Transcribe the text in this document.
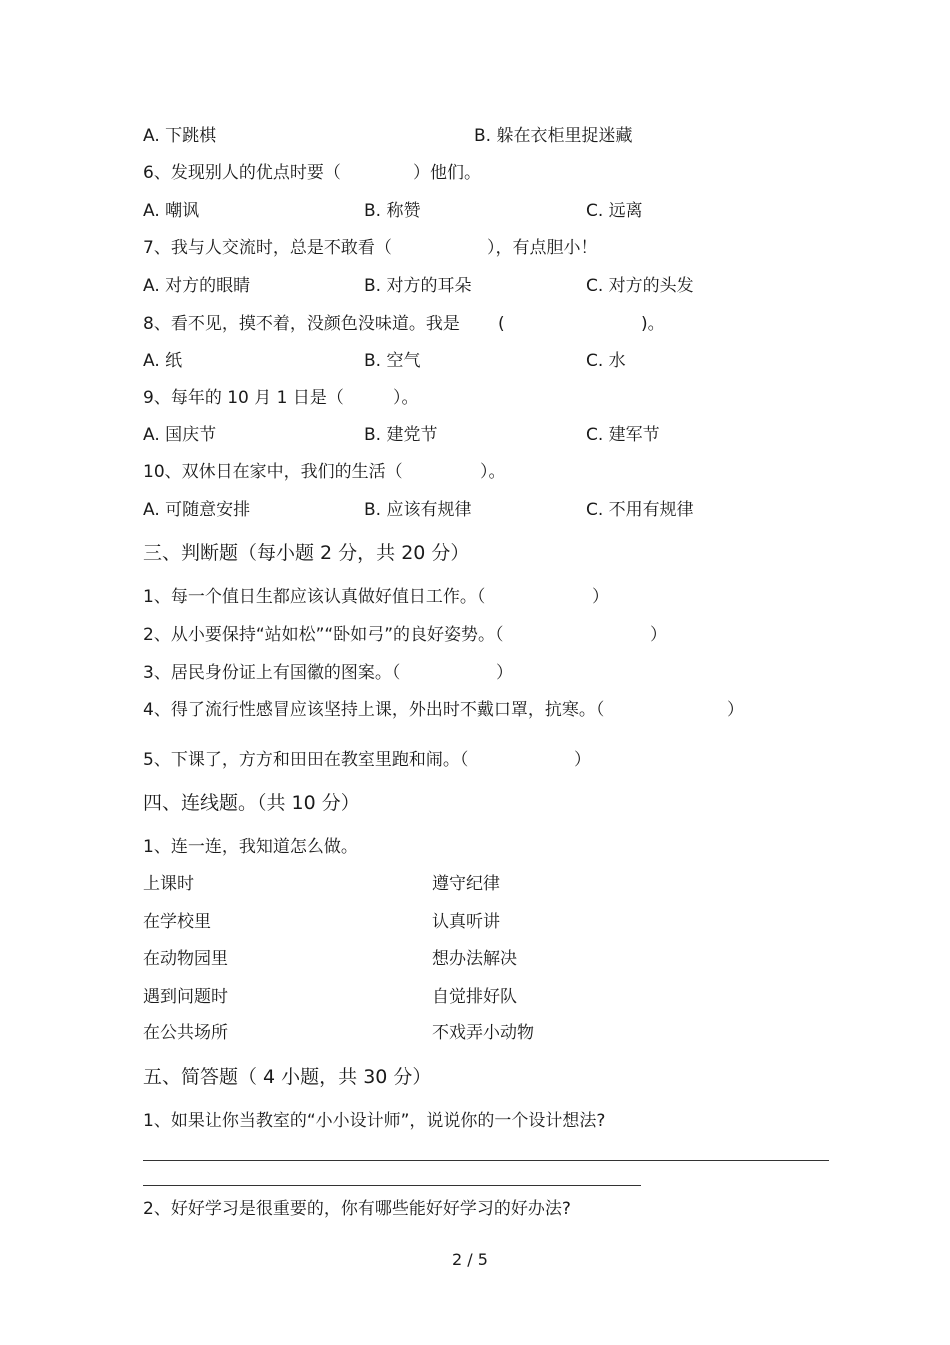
A. 下跳棋	B. 躲在衣柜里捉迷藏
6、发现别人的优点时要（	）他们。
A. 嘲讽	B. 称赞	C. 远离
7、我与人交流时，总是不敢看（	），有点胆小！
A. 对方的眼睛	B. 对方的耳朵	C. 对方的头发
8、看不见，摸不着，没颜色没味道。我是 (	)。
A. 纸	B. 空气	C. 水
9、每年的 10 月 1 日是（	）。
A. 国庆节	B. 建党节	C. 建军节
10、双休日在家中，我们的生活（	）。
A. 可随意安排	B. 应该有规律	C. 不用有规律
三、判断题（每小题 2 分，共 20 分）
1、每一个值日生都应该认真做好值日工作。（	）
2、从小要保持“站如松”“卧如弓”的良好姿势。（	）
3、居民身份证上有国徽的图案。（	）
4、得了流行性感冒应该坚持上课，外出时不戴口罩，抗寒。（	）
5、下课了，方方和田田在教室里跑和闹。（	）
四、连线题。（共 10 分）
1、连一连，我知道怎么做。
上课时	遵守纪律
在学校里	认真听讲
在动物园里	想办法解决
遇到问题时	自觉排好队
在公共场所	不戏弄小动物
五、简答题（ 4 小题，共 30 分）
1、如果让你当教室的“小小设计师”，说说你的一个设计想法?
2、好好学习是很重要的，你有哪些能好好学习的好办法?
2 / 5
